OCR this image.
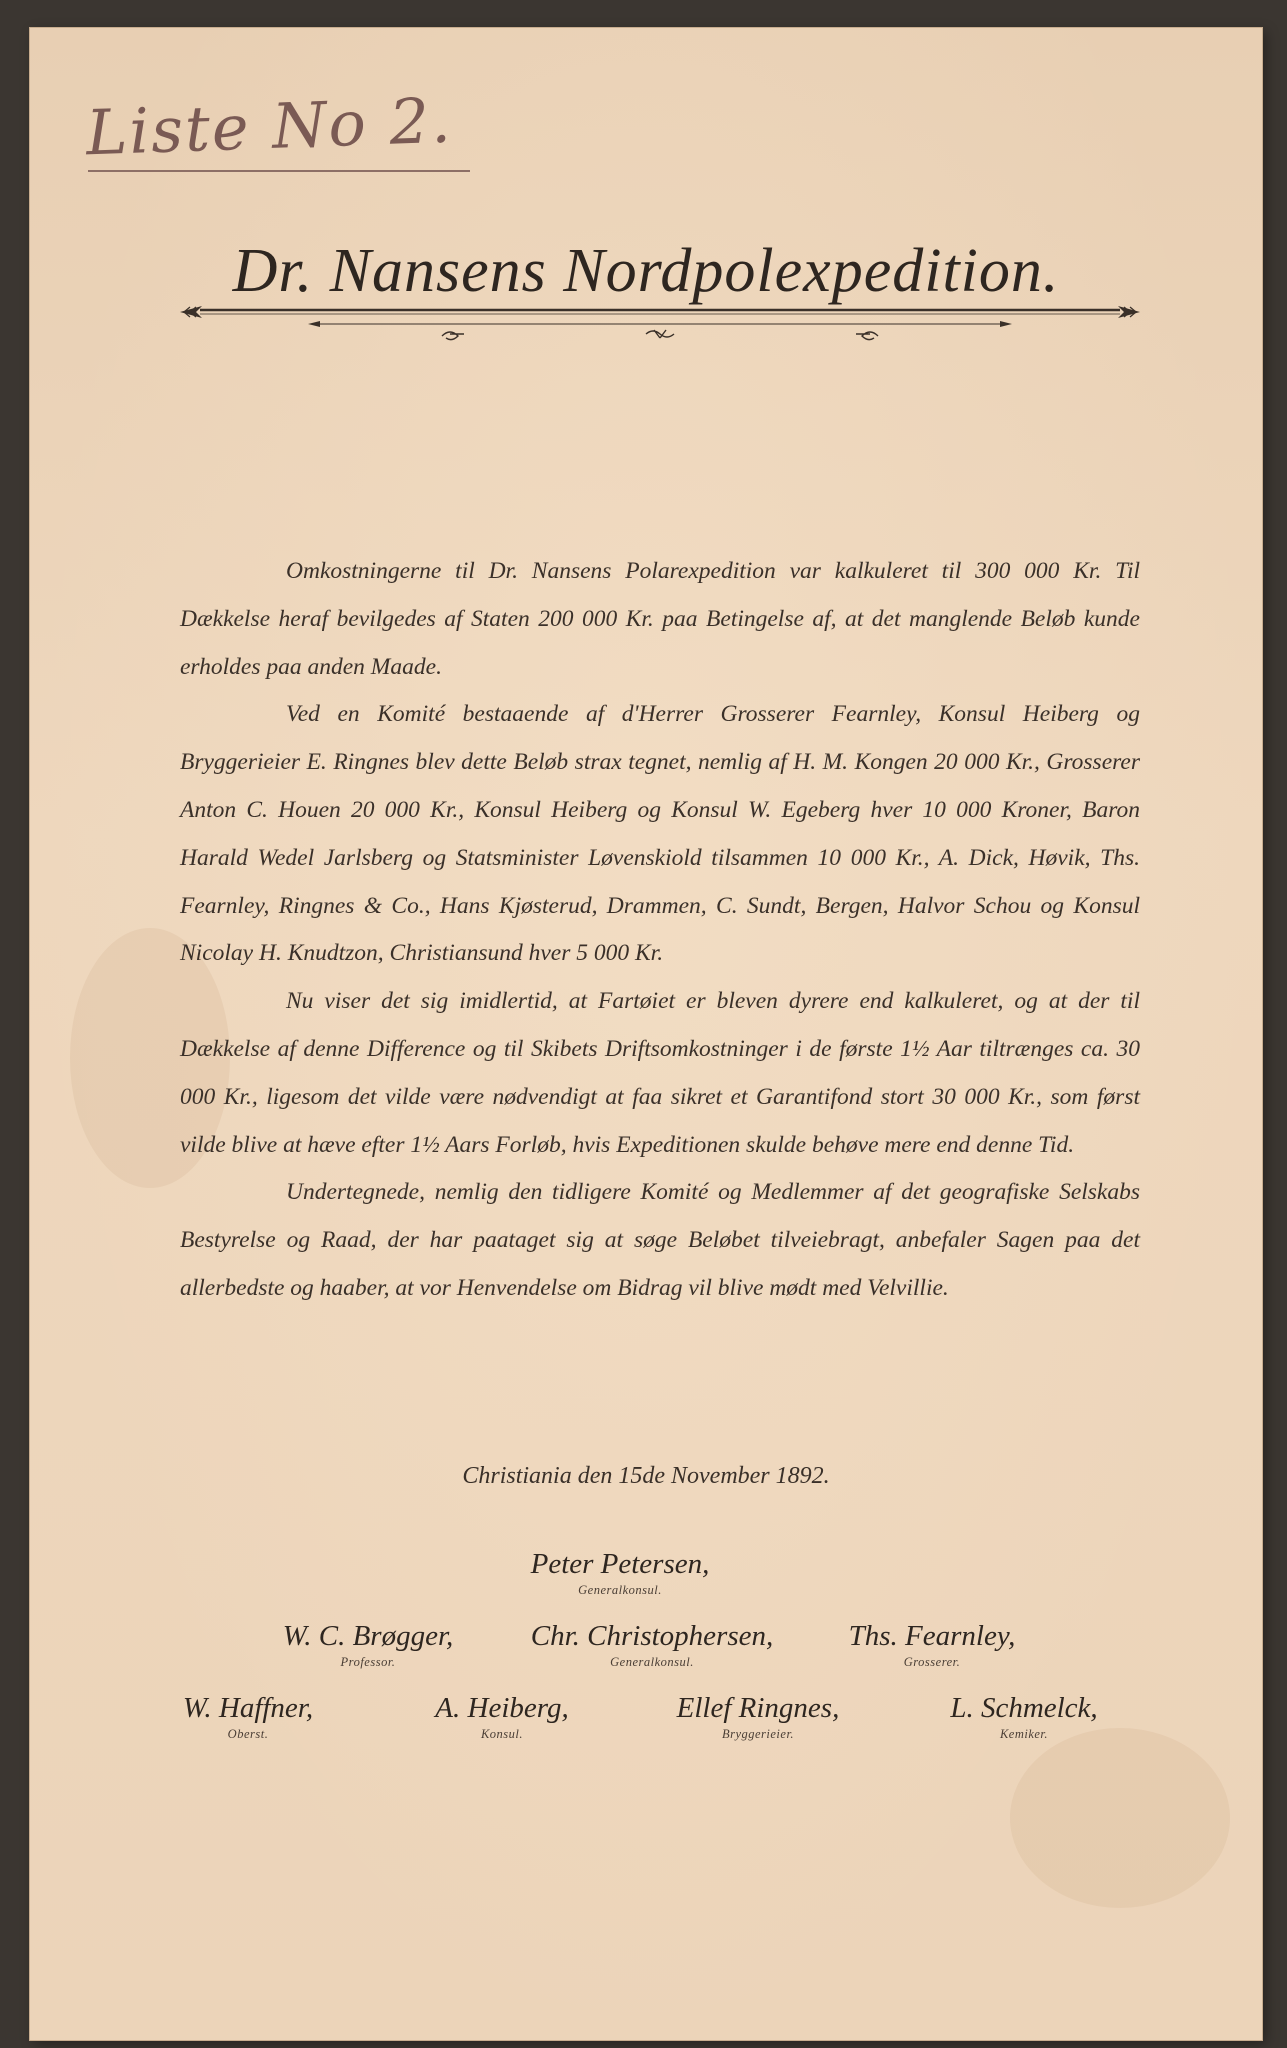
Liste No 2.
Dr. Nansens Nordpolexpedition.

Omkostningerne til Dr. Nansens Polarexpedition var kalkuleret til 300 000 Kr. Til Dækkelse heraf bevilgedes af Staten 200 000 Kr. paa Betingelse af, at det manglende Beløb kunde erholdes paa anden Maade.

Ved en Komité bestaaende af d'Herrer Grosserer Fearnley, Konsul Heiberg og Bryggerieier E. Ringnes blev dette Beløb strax tegnet, nemlig af H. M. Kongen 20 000 Kr., Grosserer Anton C. Houen 20 000 Kr., Konsul Heiberg og Konsul W. Egeberg hver 10 000 Kroner, Baron Harald Wedel Jarlsberg og Statsminister Løvenskiold tilsammen 10 000 Kr., A. Dick, Høvik, Ths. Fearnley, Ringnes & Co., Hans Kjøsterud, Drammen, C. Sundt, Bergen, Halvor Schou og Konsul Nicolay H. Knudtzon, Christiansund hver 5 000 Kr.

Nu viser det sig imidlertid, at Fartøiet er bleven dyrere end kalkuleret, og at der til Dækkelse af denne Difference og til Skibets Driftsomkostninger i de første 1½ Aar tiltrænges ca. 30 000 Kr., ligesom det vilde være nødvendigt at faa sikret et Garantifond stort 30 000 Kr., som først vilde blive at hæve efter 1½ Aars Forløb, hvis Expeditionen skulde behøve mere end denne Tid.

Undertegnede, nemlig den tidligere Komité og Medlemmer af det geografiske Selskabs Bestyrelse og Raad, der har paataget sig at søge Beløbet tilveiebragt, anbefaler Sagen paa det allerbedste og haaber, at vor Henvendelse om Bidrag vil blive mødt med Velvillie.

Christiania den 15de November 1892.
Peter Petersen,
Generalkonsul.
W. C. Brøgger,
Professor.
Chr. Christophersen,
Generalkonsul.
Ths. Fearnley,
Grosserer.
W. Haffner,
Oberst.
A. Heiberg,
Konsul.
Ellef Ringnes,
Bryggerieier.
L. Schmelck,
Kemiker.
